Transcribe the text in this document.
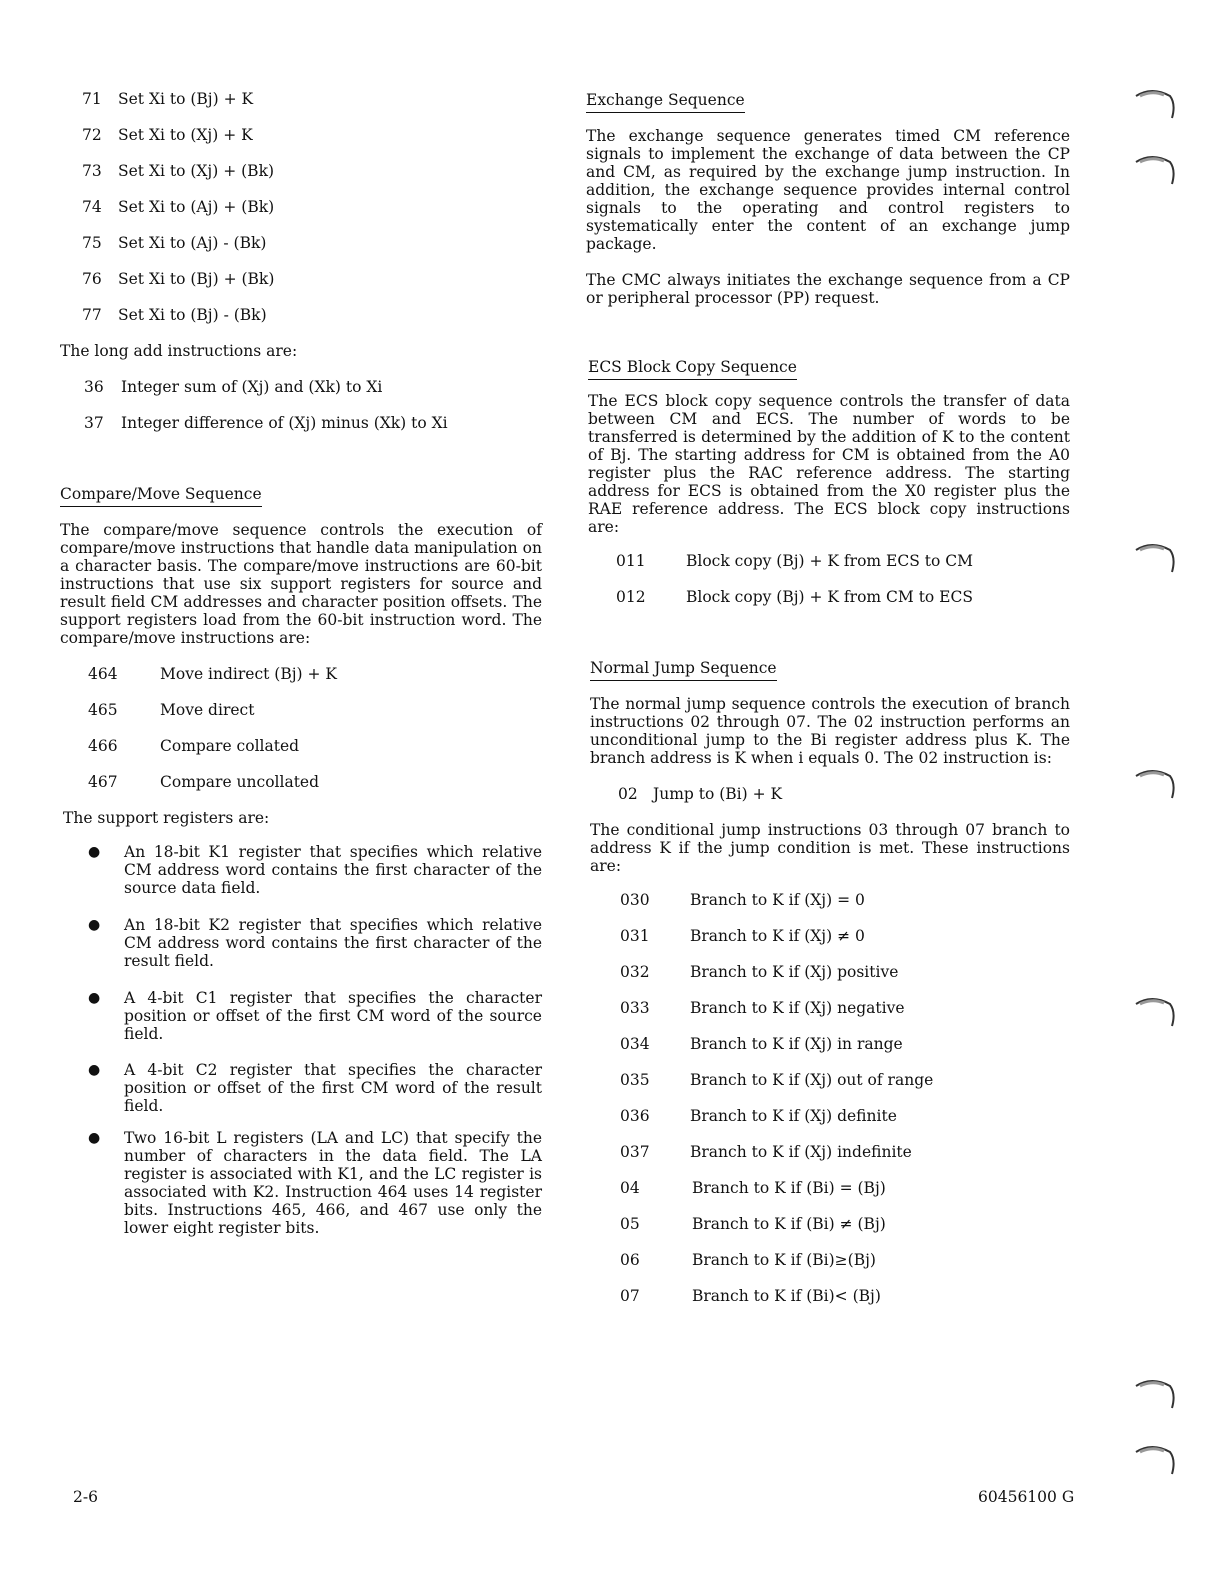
71	Set Xi to (Bj) + K
72	Set Xi to (Xj) + K
73	Set Xi to (Xj) + (Bk)
74	Set Xi to (Aj) + (Bk)
75	Set Xi to (Aj) - (Bk)
76	Set Xi to (Bj) + (Bk)
77	Set Xi to (Bj) - (Bk)
The long add instructions are:
36	Integer sum of (Xj) and (Xk) to Xi
37	Integer difference of (Xj) minus (Xk) to Xi
Compare/Move Sequence

The compare/move sequence controls the execution of compare/move instructions that handle data manipulation on a character basis. The compare/move instructions are 60-bit instructions that use six support registers for source and result field CM addresses and character position offsets. The support registers load from the 60-bit instruction word. The compare/move instructions are:

464	Move indirect (Bj) + K
465	Move direct
466	Compare collated
467	Compare uncollated
The support registers are:
●	An 18-bit K1 register that specifies which relative CM address word contains the first character of the source data field.
●	An 18-bit K2 register that specifies which relative CM address word contains the first character of the result field.
●	A 4-bit C1 register that specifies the character position or offset of the first CM word of the source field.
●	A 4-bit C2 register that specifies the character position or offset of the first CM word of the result field.
●	Two 16-bit L registers (LA and LC) that specify the number of characters in the data field. The LA register is associated with K1, and the LC register is associated with K2. Instruction 464 uses 14 register bits. Instructions 465, 466, and 467 use only the lower eight register bits.
Exchange Sequence

The exchange sequence generates timed CM reference signals to implement the exchange of data between the CP and CM, as required by the exchange jump instruction. In addition, the exchange sequence provides internal control signals to the operating and control registers to systematically enter the content of an exchange jump package.

The CMC always initiates the exchange sequence from a CP or peripheral processor (PP) request.

ECS Block Copy Sequence

The ECS block copy sequence controls the transfer of data between CM and ECS. The number of words to be transferred is determined by the addition of K to the content of Bj. The starting address for CM is obtained from the A0 register plus the RAC reference address. The starting address for ECS is obtained from the X0 register plus the RAE reference address. The ECS block copy instructions are:

011	Block copy (Bj) + K from ECS to CM
012	Block copy (Bj) + K from CM to ECS
Normal Jump Sequence

The normal jump sequence controls the execution of branch instructions 02 through 07. The 02 instruction performs an unconditional jump to the Bi register address plus K. The branch address is K when i equals 0. The 02 instruction is:

02 Jump to (Bi) + K

The conditional jump instructions 03 through 07 branch to address K if the jump condition is met. These instructions are:

030	Branch to K if (Xj) = 0
031	Branch to K if (Xj) ≠ 0
032	Branch to K if (Xj) positive
033	Branch to K if (Xj) negative
034	Branch to K if (Xj) in range
035	Branch to K if (Xj) out of range
036	Branch to K if (Xj) definite
037	Branch to K if (Xj) indefinite
04	Branch to K if (Bi) = (Bj)
05	Branch to K if (Bi) ≠ (Bj)
06	Branch to K if (Bi)≥(Bj)
07	Branch to K if (Bi)< (Bj)
2-6	60456100 G
